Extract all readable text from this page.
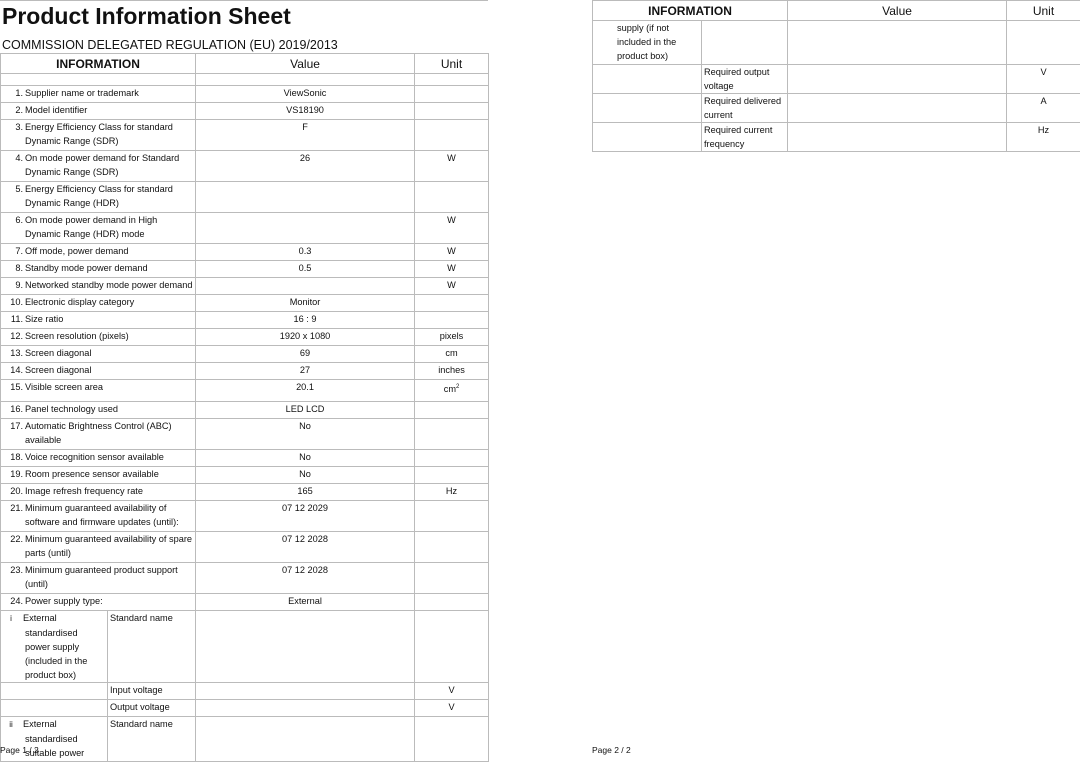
Product Information Sheet
COMMISSION DELEGATED REGULATION (EU) 2019/2013
INFORMATION		Value	Unit

1. Supplier name or trademark		ViewSonic	
2. Model identifier		VS18190	
3. Energy Efficiency Class for standard Dynamic Range (SDR)		F	
4. On mode power demand for Standard Dynamic Range (SDR)		26	W
5. Energy Efficiency Class for standard Dynamic Range (HDR)			
6. On mode power demand in High Dynamic Range (HDR) mode			W
7. Off mode, power demand		0.3	W
8. Standby mode power demand		0.5	W
9. Networked standby mode power demand			W
10. Electronic display category		Monitor	
11. Size ratio		16 : 9	
12. Screen resolution (pixels)		1920 x 1080	pixels
13. Screen diagonal		69	cm
14. Screen diagonal		27	inches
15. Visible screen area		20.1	$cm^2$
16. Panel technology used		LED LCD	
17. Automatic Brightness Control (ABC) available		No	
18. Voice recognition sensor available		No	
19. Room presence sensor available		No	
20. Image refresh frequency rate		165	Hz
21. Minimum guaranteed availability of software and firmware updates (until):		07 12 2029	
22. Minimum guaranteed availability of spare parts (until)		07 12 2028	
23. Minimum guaranteed product support (until)		07 12 2028	
24. Power supply type:		External	
i External standardised power supply (included in the product box)	Standard name		
	Input voltage		V
	Output voltage		V
ii External standardised suitable power	Standard name		
Page 1 / 2
INFORMATION		Value	Unit
supply (if not included in the product box)			
	Required output voltage		V
	Required delivered current		A
	Required current frequency		Hz
Page 2 / 2
